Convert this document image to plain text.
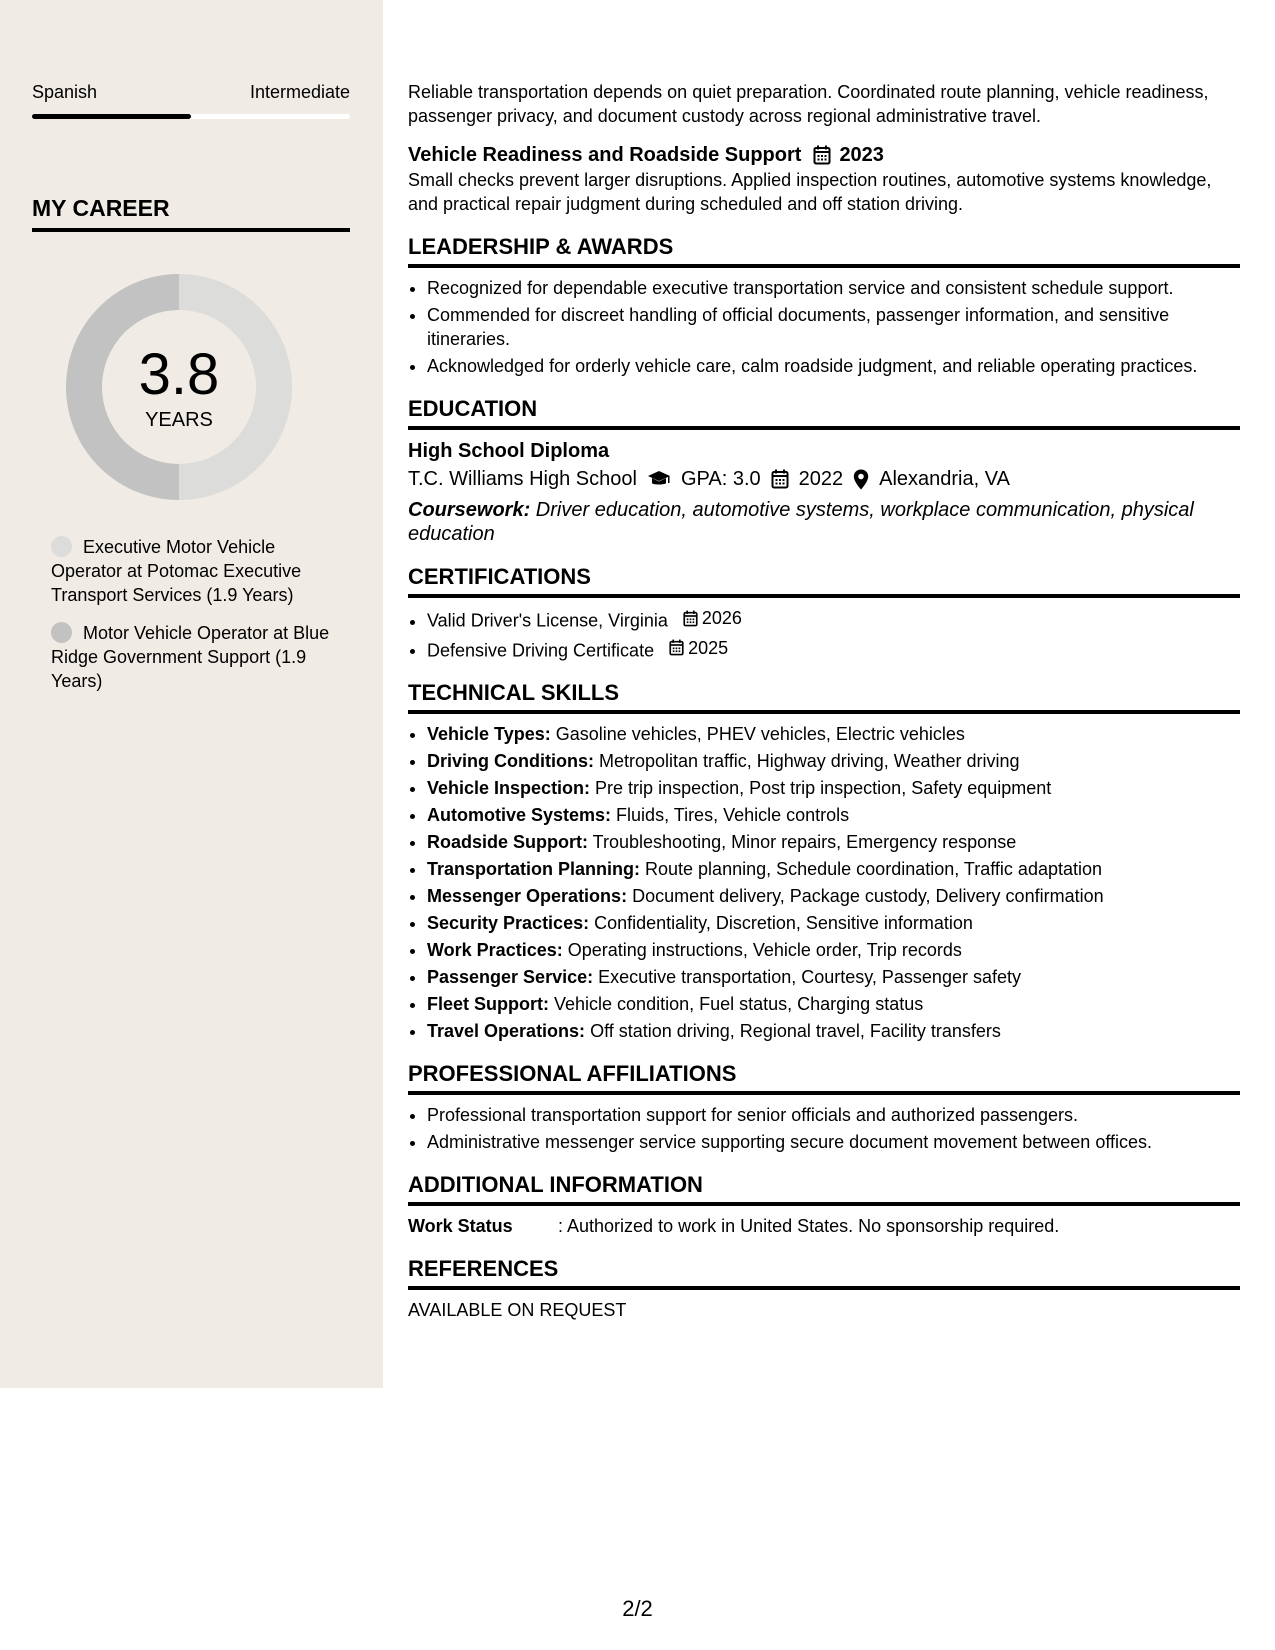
Spanish	Intermediate
MY CAREER
3.8
YEARS
Executive Motor Vehicle Operator at Potomac Executive Transport Services (1.9 Years)
Motor Vehicle Operator at Blue Ridge Government Support (1.9 Years)

Reliable transportation depends on quiet preparation. Coordinated route planning, vehicle readiness, passenger privacy, and document custody across regional administrative travel.

Vehicle Readiness and Roadside Support 2023

Small checks prevent larger disruptions. Applied inspection routines, automotive systems knowledge, and practical repair judgment during scheduled and off station driving.

LEADERSHIP & AWARDS
• Recognized for dependable executive transportation service and consistent schedule support.
• Commended for discreet handling of official documents, passenger information, and sensitive itineraries.
• Acknowledged for orderly vehicle care, calm roadside judgment, and reliable operating practices.
EDUCATION
High School Diploma
T.C. Williams High School GPA: 3.0 2022 Alexandria, VA
Coursework: Driver education, automotive systems, workplace communication, physical education
CERTIFICATIONS
• Valid Driver's License, Virginia 2026
• Defensive Driving Certificate 2025
TECHNICAL SKILLS
• Vehicle Types: Gasoline vehicles, PHEV vehicles, Electric vehicles
• Driving Conditions: Metropolitan traffic, Highway driving, Weather driving
• Vehicle Inspection: Pre trip inspection, Post trip inspection, Safety equipment
• Automotive Systems: Fluids, Tires, Vehicle controls
• Roadside Support: Troubleshooting, Minor repairs, Emergency response
• Transportation Planning: Route planning, Schedule coordination, Traffic adaptation
• Messenger Operations: Document delivery, Package custody, Delivery confirmation
• Security Practices: Confidentiality, Discretion, Sensitive information
• Work Practices: Operating instructions, Vehicle order, Trip records
• Passenger Service: Executive transportation, Courtesy, Passenger safety
• Fleet Support: Vehicle condition, Fuel status, Charging status
• Travel Operations: Off station driving, Regional travel, Facility transfers
PROFESSIONAL AFFILIATIONS
• Professional transportation support for senior officials and authorized passengers.
• Administrative messenger service supporting secure document movement between offices.
ADDITIONAL INFORMATION
Work Status	: Authorized to work in United States. No sponsorship required.
REFERENCES
AVAILABLE ON REQUEST
2/2
